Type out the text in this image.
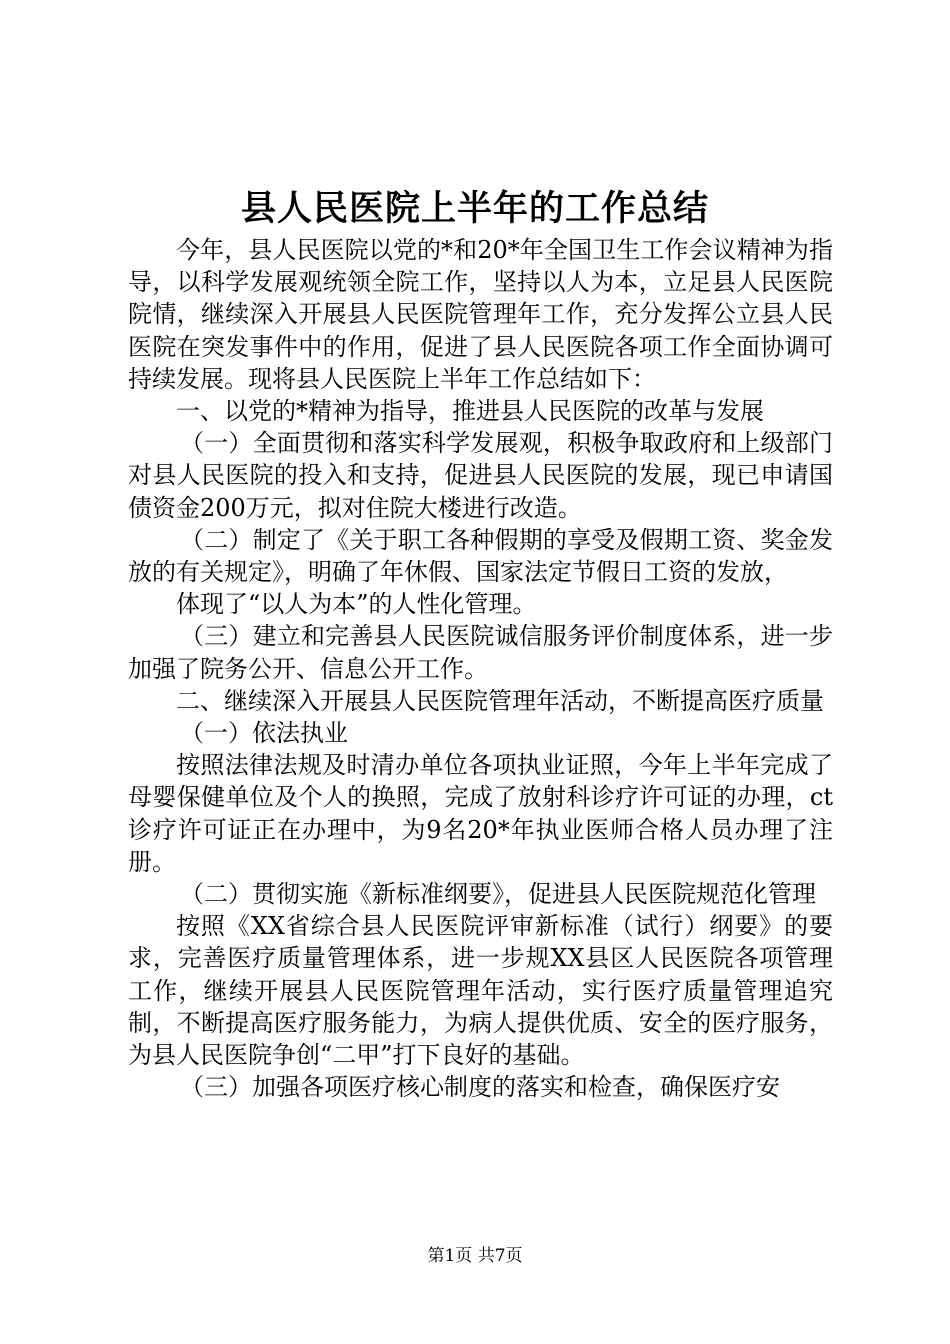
县人民医院上半年的工作总结

今年，县人民医院以党的*和20*年全国卫生工作会议精神为指导，以科学发展观统领全院工作，坚持以人为本，立足县人民医院院情，继续深入开展县人民医院管理年工作，充分发挥公立县人民医院在突发事件中的作用，促进了县人民医院各项工作全面协调可持续发展。现将县人民医院上半年工作总结如下：

一、以党的*精神为指导，推进县人民医院的改革与发展

（一）全面贯彻和落实科学发展观，积极争取政府和上级部门对县人民医院的投入和支持，促进县人民医院的发展，现已申请国债资金200万元，拟对住院大楼进行改造。

（二）制定了《关于职工各种假期的享受及假期工资、奖金发放的有关规定》，明确了年休假、国家法定节假日工资的发放，

体现了“以人为本”的人性化管理。

（三）建立和完善县人民医院诚信服务评价制度体系，进一步加强了院务公开、信息公开工作。

二、继续深入开展县人民医院管理年活动，不断提高医疗质量

（一）依法执业

按照法律法规及时清办单位各项执业证照，今年上半年完成了母婴保健单位及个人的换照，完成了放射科诊疗许可证的办理，ct诊疗许可证正在办理中，为9名20*年执业医师合格人员办理了注册。

（二）贯彻实施《新标准纲要》，促进县人民医院规范化管理

按照《XX省综合县人民医院评审新标准（试行）纲要》的要求，完善医疗质量管理体系，进一步规XX县区人民医院各项管理工作，继续开展县人民医院管理年活动，实行医疗质量管理追究制，不断提高医疗服务能力，为病人提供优质、安全的医疗服务，为县人民医院争创“二甲”打下良好的基础。

（三）加强各项医疗核心制度的落实和检查，确保医疗安

第1页 共7页
